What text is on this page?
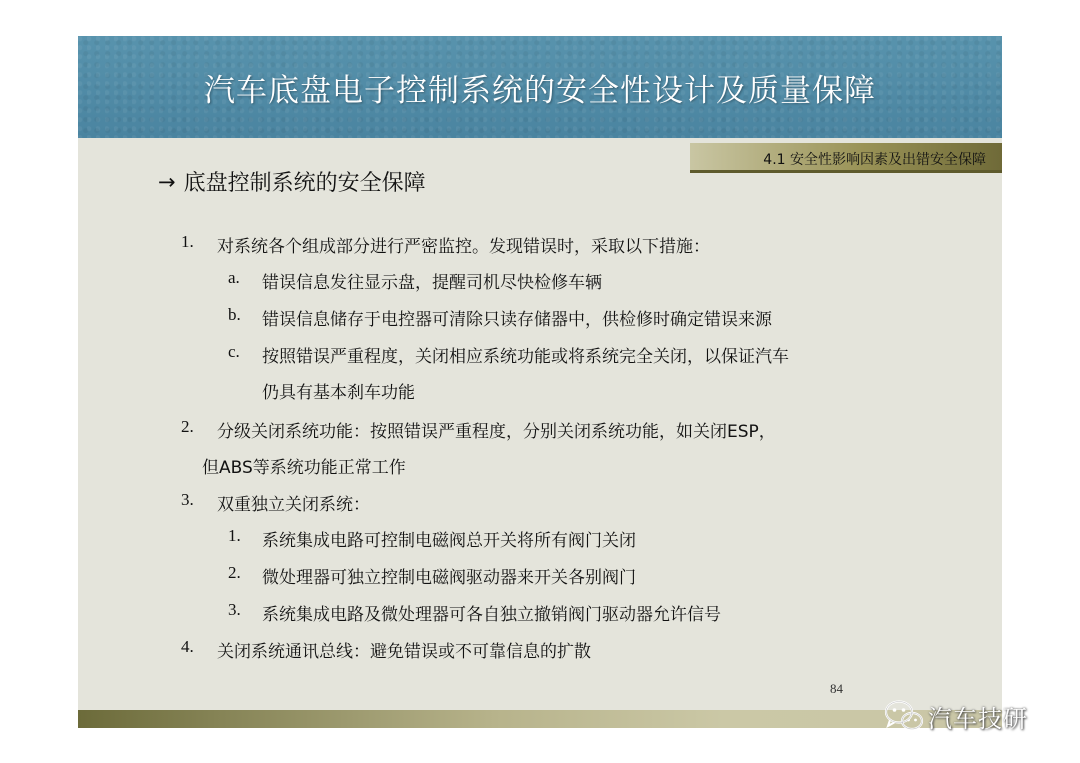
汽车底盘电子控制系统的安全性设计及质量保障
4.1 安全性影响因素及出错安全保障
→ 底盘控制系统的安全保障
1. 对系统各个组成部分进行严密监控。发现错误时，采取以下措施：
a. 错误信息发往显示盘，提醒司机尽快检修车辆
b. 错误信息储存于电控器可清除只读存储器中，供检修时确定错误来源
c. 按照错误严重程度，关闭相应系统功能或将系统完全关闭，以保证汽车
仍具有基本刹车功能
2. 分级关闭系统功能：按照错误严重程度，分别关闭系统功能，如关闭ESP，
但ABS等系统功能正常工作
3. 双重独立关闭系统：
1. 系统集成电路可控制电磁阀总开关将所有阀门关闭
2. 微处理器可独立控制电磁阀驱动器来开关各别阀门
3. 系统集成电路及微处理器可各自独立撤销阀门驱动器允许信号
4. 关闭系统通讯总线：避免错误或不可靠信息的扩散
84
汽车技研
